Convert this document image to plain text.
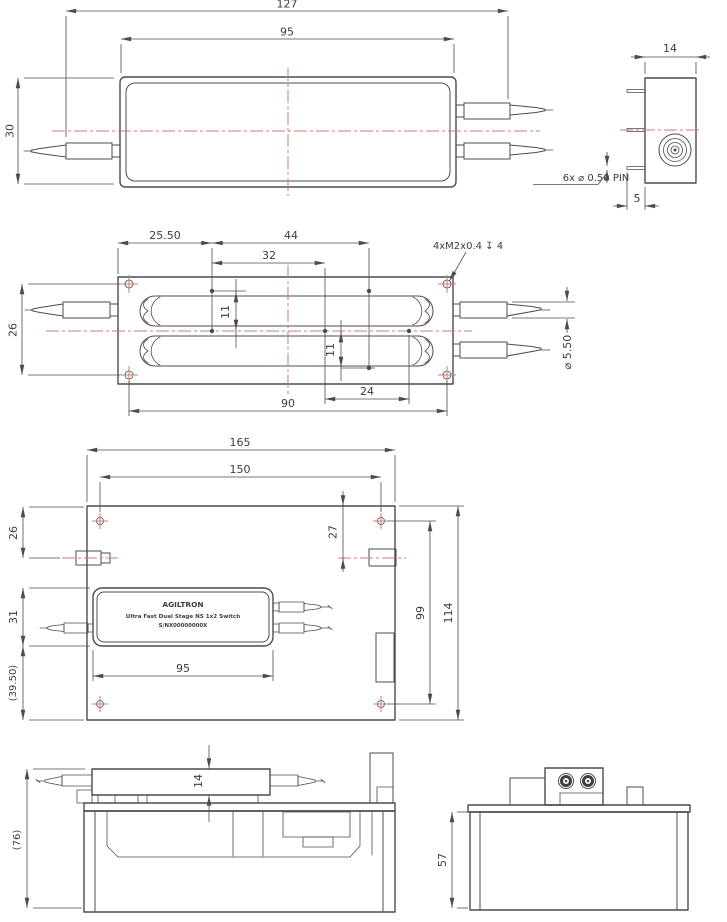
127
95
30
14
6x ⌀ 0.50 PIN
5
25.50	44
32
26
11
11
24
90
4xM2x0.4 ↧ 4
⌀ 5.50
AGILTRON
Ultra Fast Dual Stage NS 1x2 Switch
S/NX00000000X
165
150
26	27
31
(39.50)	95
99 114
(76)
14
57
